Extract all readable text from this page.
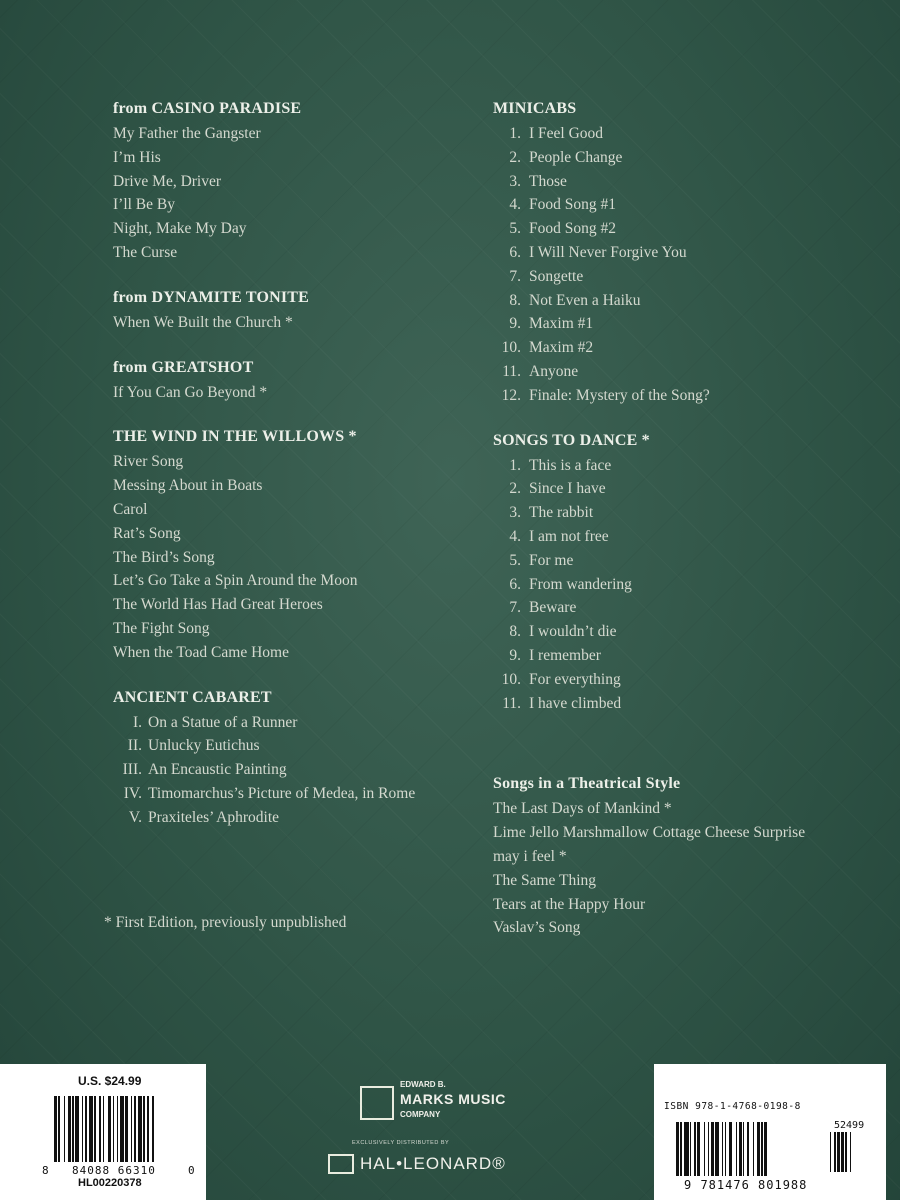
from CASINO PARADISE
My Father the Gangster
I’m His
Drive Me, Driver
I’ll Be By
Night, Make My Day
The Curse
from DYNAMITE TONITE
When We Built the Church *
from GREATSHOT
If You Can Go Beyond *
THE WIND IN THE WILLOWS *
River Song
Messing About in Boats
Carol
Rat’s Song
The Bird’s Song
Let’s Go Take a Spin Around the Moon
The World Has Had Great Heroes
The Fight Song
When the Toad Came Home
ANCIENT CABARET
I. On a Statue of a Runner
II. Unlucky Eutichus
III. An Encaustic Painting
IV. Timomarchus’s Picture of Medea, in Rome
V. Praxiteles’ Aphrodite
MINICABS
1. I Feel Good
2. People Change
3. Those
4. Food Song #1
5. Food Song #2
6. I Will Never Forgive You
7. Songette
8. Not Even a Haiku
9. Maxim #1
10. Maxim #2
11. Anyone
12. Finale: Mystery of the Song?
SONGS TO DANCE *
1. This is a face
2. Since I have
3. The rabbit
4. I am not free
5. For me
6. From wandering
7. Beware
8. I wouldn’t die
9. I remember
10. For everything
11. I have climbed
Songs in a Theatrical Style
The Last Days of Mankind *
Lime Jello Marshmallow Cottage Cheese Surprise
may i feel *
The Same Thing
Tears at the Happy Hour
Vaslav’s Song
* First Edition, previously unpublished
U.S. $24.99
8 84088 66310	0
HL00220378
EDWARD B.
MARKS MUSIC
COMPANY
EXCLUSIVELY DISTRIBUTED BY
HAL•LEONARD®
ISBN 978-1-4768-0198-8
52499
9 781476 801988
